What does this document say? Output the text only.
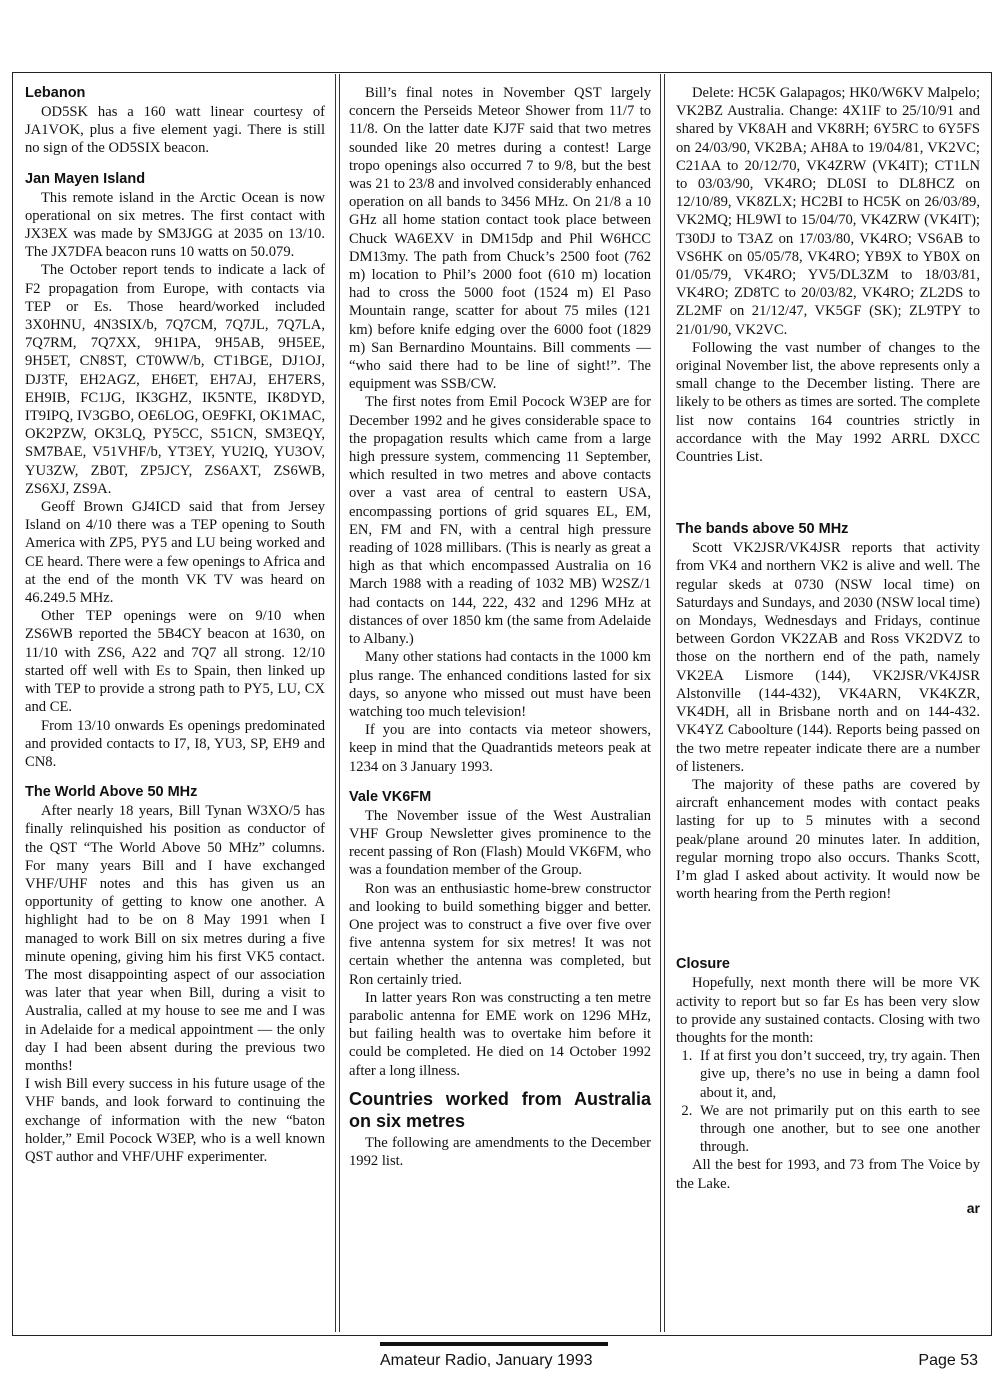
Lebanon

OD5SK has a 160 watt linear courtesy of JA1VOK, plus a five element yagi. There is still no sign of the OD5SIX beacon.

Jan Mayen Island

This remote island in the Arctic Ocean is now operational on six metres. The first contact with JX3EX was made by SM3JGG at 2035 on 13/10. The JX7DFA beacon runs 10 watts on 50.079.

The October report tends to indicate a lack of F2 propagation from Europe, with contacts via TEP or Es. Those heard/worked included 3X0HNU, 4N3SIX/b, 7Q7CM, 7Q7JL, 7Q7LA, 7Q7RM, 7Q7XX, 9H1PA, 9H5AB, 9H5EE, 9H5ET, CN8ST, CT0WW/b, CT1BGE, DJ1OJ, DJ3TF, EH2AGZ, EH6ET, EH7AJ, EH7ERS, EH9IB, FC1JG, IK3GHZ, IK5NTE, IK8DYD, IT9IPQ, IV3GBO, OE6LOG, OE9FKI, OK1MAC, OK2PZW, OK3LQ, PY5CC, S51CN, SM3EQY, SM7BAE, V51VHF/b, YT3EY, YU2IQ, YU3OV, YU3ZW, ZB0T, ZP5JCY, ZS6AXT, ZS6WB, ZS6XJ, ZS9A.

Geoff Brown GJ4ICD said that from Jersey Island on 4/10 there was a TEP opening to South America with ZP5, PY5 and LU being worked and CE heard. There were a few openings to Africa and at the end of the month VK TV was heard on 46.249.5 MHz.

Other TEP openings were on 9/10 when ZS6WB reported the 5B4CY beacon at 1630, on 11/10 with ZS6, A22 and 7Q7 all strong. 12/10 started off well with Es to Spain, then linked up with TEP to provide a strong path to PY5, LU, CX and CE.

From 13/10 onwards Es openings predominated and provided contacts to I7, I8, YU3, SP, EH9 and CN8.

The World Above 50 MHz

After nearly 18 years, Bill Tynan W3XO/5 has finally relinquished his position as conductor of the QST “The World Above 50 MHz” columns. For many years Bill and I have exchanged VHF/UHF notes and this has given us an opportunity of getting to know one another. A highlight had to be on 8 May 1991 when I managed to work Bill on six metres during a five minute opening, giving him his first VK5 contact. The most disappointing aspect of our association was later that year when Bill, during a visit to Australia, called at my house to see me and I was in Adelaide for a medical appointment — the only day I had been absent during the previous two months!

I wish Bill every success in his future usage of the VHF bands, and look forward to continuing the exchange of information with the new “baton holder,” Emil Pocock W3EP, who is a well known QST author and VHF/UHF experimenter.

Bill’s final notes in November QST largely concern the Perseids Meteor Shower from 11/7 to 11/8. On the latter date KJ7F said that two metres sounded like 20 metres during a contest! Large tropo openings also occurred 7 to 9/8, but the best was 21 to 23/8 and involved considerably enhanced operation on all bands to 3456 MHz. On 21/8 a 10 GHz all home station contact took place between Chuck WA6EXV in DM15dp and Phil W6HCC DM13my. The path from Chuck’s 2500 foot (762 m) location to Phil’s 2000 foot (610 m) location had to cross the 5000 foot (1524 m) El Paso Mountain range, scatter for about 75 miles (121 km) before knife edging over the 6000 foot (1829 m) San Bernardino Mountains. Bill comments — “who said there had to be line of sight!”. The equipment was SSB/CW.

The first notes from Emil Pocock W3EP are for December 1992 and he gives considerable space to the propagation results which came from a large high pressure system, commencing 11 September, which resulted in two metres and above contacts over a vast area of central to eastern USA, encompassing portions of grid squares EL, EM, EN, FM and FN, with a central high pressure reading of 1028 millibars. (This is nearly as great a high as that which encompassed Australia on 16 March 1988 with a reading of 1032 MB) W2SZ/1 had contacts on 144, 222, 432 and 1296 MHz at distances of over 1850 km (the same from Adelaide to Albany.)

Many other stations had contacts in the 1000 km plus range. The enhanced conditions lasted for six days, so anyone who missed out must have been watching too much television!

If you are into contacts via meteor showers, keep in mind that the Quadrantids meteors peak at 1234 on 3 January 1993.

Vale VK6FM

The November issue of the West Australian VHF Group Newsletter gives prominence to the recent passing of Ron (Flash) Mould VK6FM, who was a foundation member of the Group.

Ron was an enthusiastic home-brew constructor and looking to build something bigger and better. One project was to construct a five over five over five antenna system for six metres! It was not certain whether the antenna was completed, but Ron certainly tried.

In latter years Ron was constructing a ten metre parabolic antenna for EME work on 1296 MHz, but failing health was to overtake him before it could be completed. He died on 14 October 1992 after a long illness.

Countries worked from Australia on six metres

The following are amendments to the December 1992 list.

Delete: HC5K Galapagos; HK0/W6KV Malpelo; VK2BZ Australia. Change: 4X1IF to 25/10/91 and shared by VK8AH and VK8RH; 6Y5RC to 6Y5FS on 24/03/90, VK2BA; AH8A to 19/04/81, VK2VC; C21AA to 20/12/70, VK4ZRW (VK4IT); CT1LN to 03/03/90, VK4RO; DL0SI to DL8HCZ on 12/10/89, VK8ZLX; HC2BI to HC5K on 26/03/89, VK2MQ; HL9WI to 15/04/70, VK4ZRW (VK4IT); T30DJ to T3AZ on 17/03/80, VK4RO; VS6AB to VS6HK on 05/05/78, VK4RO; YB9X to YB0X on 01/05/79, VK4RO; YV5/DL3ZM to 18/03/81, VK4RO; ZD8TC to 20/03/82, VK4RO; ZL2DS to ZL2MF on 21/12/47, VK5GF (SK); ZL9TPY to 21/01/90, VK2VC.

Following the vast number of changes to the original November list, the above represents only a small change to the December listing. There are likely to be others as times are sorted. The complete list now contains 164 countries strictly in accordance with the May 1992 ARRL DXCC Countries List.

The bands above 50 MHz

Scott VK2JSR/VK4JSR reports that activity from VK4 and northern VK2 is alive and well. The regular skeds at 0730 (NSW local time) on Saturdays and Sundays, and 2030 (NSW local time) on Mondays, Wednesdays and Fridays, continue between Gordon VK2ZAB and Ross VK2DVZ to those on the northern end of the path, namely VK2EA Lismore (144), VK2JSR/VK4JSR Alstonville (144-432), VK4ARN, VK4KZR, VK4DH, all in Brisbane north and on 144-432. VK4YZ Caboolture (144). Reports being passed on the two metre repeater indicate there are a number of listeners.

The majority of these paths are covered by aircraft enhancement modes with contact peaks lasting for up to 5 minutes with a second peak/plane around 20 minutes later. In addition, regular morning tropo also occurs. Thanks Scott, I’m glad I asked about activity. It would now be worth hearing from the Perth region!

Closure

Hopefully, next month there will be more VK activity to report but so far Es has been very slow to provide any sustained contacts. Closing with two thoughts for the month:

1. If at first you don’t succeed, try, try again. Then give up, there’s no use in being a damn fool about it, and,
2. We are not primarily put on this earth to see through one another, but to see one another through.

All the best for 1993, and 73 from The Voice by the Lake.

ar
Amateur Radio, January 1993	Page 53
